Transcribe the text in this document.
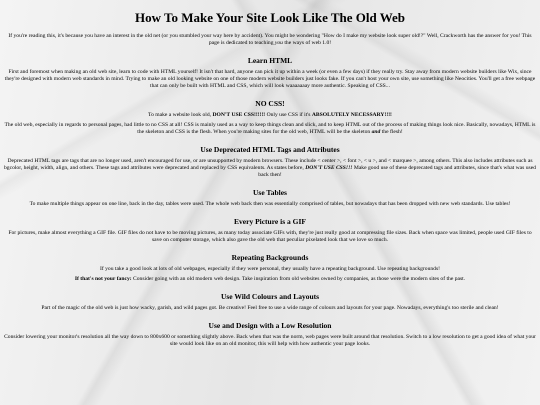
How To Make Your Site Look Like The Old Web

If you're reading this, it's because you have an interest in the old net (or you stumbled your way here by accident). You might be wondering "How do I make my website look super old!?" Well, Crackworth has the answer for you! This page is dedicated to teaching you the ways of web 1.0!

Learn HTML

First and foremost when making an old web site, learn to code with HTML yourself! It isn't that hard, anyone can pick it up within a week (or even a few days) if they really try. Stay away from modern website builders like Wix, since they're designed with modern web standards in mind. Trying to make an old looking website on one of those modern website builders just looks fake. If you can't host your own site, use something like Neocities. You'll get a free webpage that can only be built with HTML and CSS, which will look waaaaaaay more authentic. Speaking of CSS...

NO CSS!

To make a website look old, DON'T USE CSS!!!!!! Only use CSS if it's ABSOLUTELY NECESSARY!!!!

The old web, especially in regards to personal pages, had little to no CSS at all! CSS is mainly used as a way to keep things clean and slick, and to keep HTML out of the process of making things look nice. Basically, nowadays, HTML is the skeleton and CSS is the flesh. When you're making sites for the old web, HTML will be the skeleton and the flesh!

Use Deprecated HTML Tags and Attributes

Deprecated HTML tags are tags that are no longer used, aren't encouraged for use, or are unsupported by modern browsers. These include < center >, < font >, < u >, and < marquee >, among others. This also includes attributes such as bgcolor, height, width, align, and others. These tags and attributes were deprecated and replaced by CSS equivalents. As states before, DON'T USE CSS!!! Make good use of these deprecated tags and attributes, since that's what was used back then!

Use Tables

To make multiple things appear on one line, back in the day, tables were used. The whole web back then was essentially comprised of tables, but nowadays that has been dropped with new web standards. Use tables!

Every Picture is a GIF

For pictures, make almost everything a GIF file. GIF files do not have to be moving pictures, as many today associate GIFs with, they're just really good at compressing file sizes. Back when space was limited, people used GIF files to save on computer storage, which also gave the old web that peculiar pixelated look that we love so much.

Repeating Backgrounds

If you take a good look at lots of old webpages, especially if they were personal, they usually have a repeating background. Use repeating backgrounds!

If that's not your fancy: Consider going with an old modern web design. Take inspiration from old websites owned by companies, as those were the modern sites of the past.

Use Wild Colours and Layouts

Part of the magic of the old web is just how wacky, garish, and wild pages got. Be creative! Feel free to use a wide range of colours and layouts for your page. Nowadays, everything's too sterile and clean!

Use and Design with a Low Resolution

Consider lowering your monitor's resolution all the way down to 800x600 or something slightly above. Back when that was the norm, web pages were built around that resolution. Switch to a low resolution to get a good idea of what your site would look like on an old monitor, this will help with how authentic your page looks.
